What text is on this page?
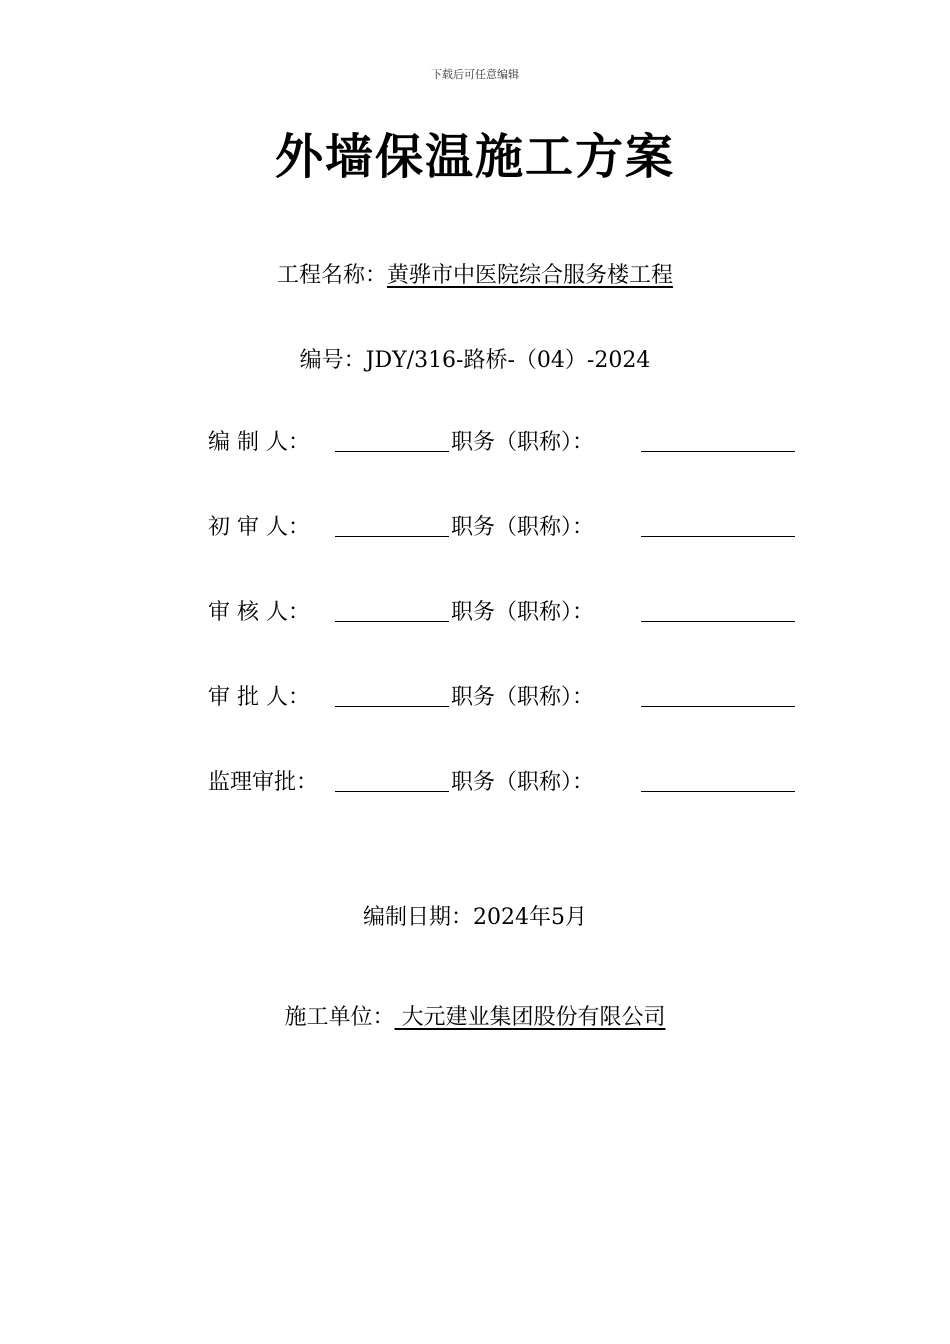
下载后可任意编辑
外墙保温施工方案
工程名称：黄骅市中医院综合服务楼工程
编号：JDY/316-路桥-（04）-2024
编 制 人：	职务（职称）：
初 审 人：	职务（职称）：
审 核 人：	职务（职称）：
审 批 人：	职务（职称）：
监理审批：	职务（职称）：
编制日期：2024年5月
施工单位： 大元建业集团股份有限公司
